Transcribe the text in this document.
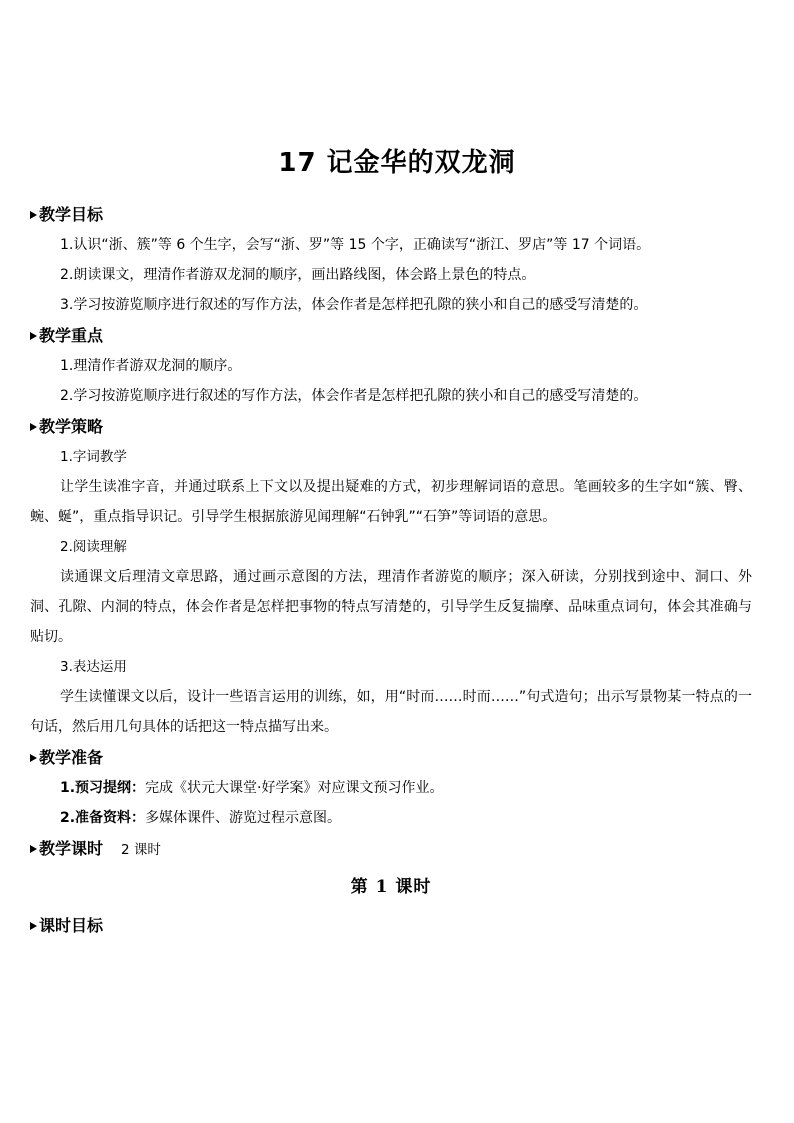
17 记金华的双龙洞
教学目标
1.认识“浙、簇”等 6 个生字，会写“浙、罗”等 15 个字，正确读写“浙江、罗店”等 17 个词语。
2.朗读课文，理清作者游双龙洞的顺序，画出路线图，体会路上景色的特点。
3.学习按游览顺序进行叙述的写作方法，体会作者是怎样把孔隙的狭小和自己的感受写清楚的。
教学重点
1.理清作者游双龙洞的顺序。
2.学习按游览顺序进行叙述的写作方法，体会作者是怎样把孔隙的狭小和自己的感受写清楚的。
教学策略
1.字词教学
让学生读准字音，并通过联系上下文以及提出疑难的方式，初步理解词语的意思。笔画较多的生字如“簇、臀、蜿、蜒”，重点指导识记。引导学生根据旅游见闻理解“石钟乳”“石笋”等词语的意思。
2.阅读理解
读通课文后理清文章思路，通过画示意图的方法，理清作者游览的顺序；深入研读，分别找到途中、洞口、外洞、孔隙、内洞的特点，体会作者是怎样把事物的特点写清楚的，引导学生反复揣摩、品味重点词句，体会其准确与贴切。
3.表达运用
学生读懂课文以后，设计一些语言运用的训练，如，用“时而……时而……”句式造句；出示写景物某一特点的一句话，然后用几句具体的话把这一特点描写出来。
教学准备
1.预习提纲：完成《状元大课堂·好学案》对应课文预习作业。
2.准备资料：多媒体课件、游览过程示意图。
教学课时 2 课时
第 1 课时
课时目标
